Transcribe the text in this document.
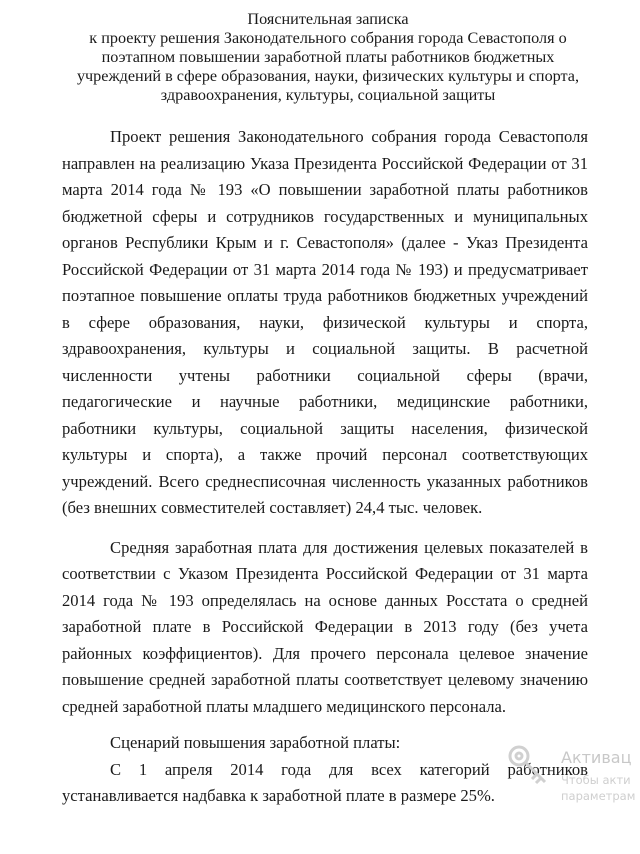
Пояснительная записка
к проекту решения Законодательного собрания города Севастополя о
поэтапном повышении заработной платы работников бюджетных
учреждений в сфере образования, науки, физических культуры и спорта,
здравоохранения, культуры, социальной защиты

Проект решения Законодательного собрания города Севастополя направлен на реализацию Указа Президента Российской Федерации от 31 марта 2014 года № 193 «О повышении заработной платы работников бюджетной сферы и сотрудников государственных и муниципальных органов Республики Крым и г. Севастополя» (далее - Указ Президента Российской Федерации от 31 марта 2014 года № 193) и предусматривает поэтапное повышение оплаты труда работников бюджетных учреждений в сфере образования, науки, физической культуры и спорта, здравоохранения, культуры и социальной защиты. В расчетной численности учтены работники социальной сферы (врачи, педагогические и научные работники, медицинские работники, работники культуры, социальной защиты населения, физической культуры и спорта), а также прочий персонал соответствующих учреждений. Всего среднесписочная численность указанных работников (без внешних совместителей составляет) 24,4 тыс. человек.

Средняя заработная плата для достижения целевых показателей в соответствии с Указом Президента Российской Федерации от 31 марта 2014 года № 193 определялась на основе данных Росстата о средней заработной плате в Российской Федерации в 2013 году (без учета районных коэффициентов). Для прочего персонала целевое значение повышение средней заработной платы соответствует целевому значению средней заработной платы младшего медицинского персонала.

Сценарий повышения заработной платы:

С 1 апреля 2014 года для всех категорий работников устанавливается надбавка к заработной плате в размере 25%.

Активац
Чтобы акти
параметрам
